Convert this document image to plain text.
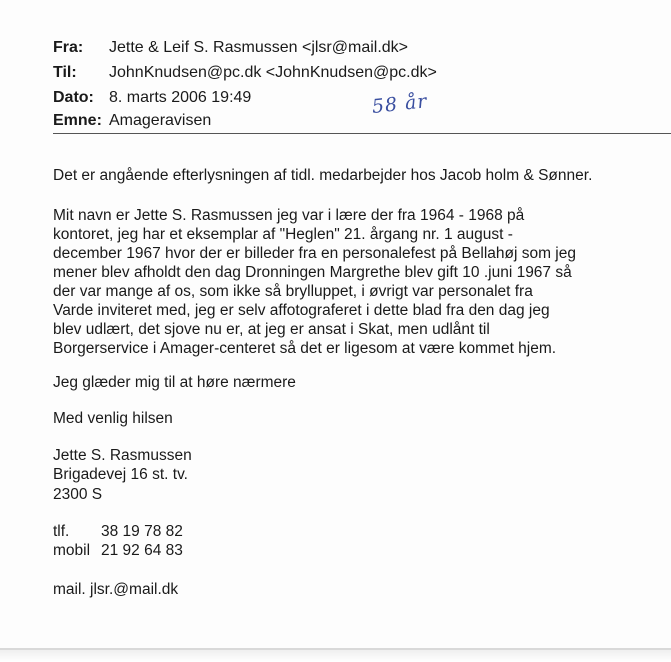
Fra: Jette & Leif S. Rasmussen <jlsr@mail.dk>
Til: JohnKnudsen@pc.dk <JohnKnudsen@pc.dk>
Dato: 8. marts 2006 19:49
Emne: Amageravisen
58 år
Det er angående efterlysningen af tidl. medarbejder hos Jacob holm & Sønner.
Mit navn er Jette S. Rasmussen jeg var i lære der fra 1964 - 1968 på
kontoret, jeg har et eksemplar af "Heglen" 21. årgang nr. 1 august -
december 1967 hvor der er billeder fra en personalefest på Bellahøj som jeg
mener blev afholdt den dag Dronningen Margrethe blev gift 10 .juni 1967 så
der var mange af os, som ikke så brylluppet, i øvrigt var personalet fra
Varde inviteret med, jeg er selv affotograferet i dette blad fra den dag jeg
blev udlært, det sjove nu er, at jeg er ansat i Skat, men udlånt til
Borgerservice i Amager-centeret så det er ligesom at være kommet hjem.
Jeg glæder mig til at høre nærmere
Med venlig hilsen
Jette S. Rasmussen
Brigadevej 16 st. tv.
2300 S
tlf. 38 19 78 82
mobil 21 92 64 83
mail. jlsr.@mail.dk
